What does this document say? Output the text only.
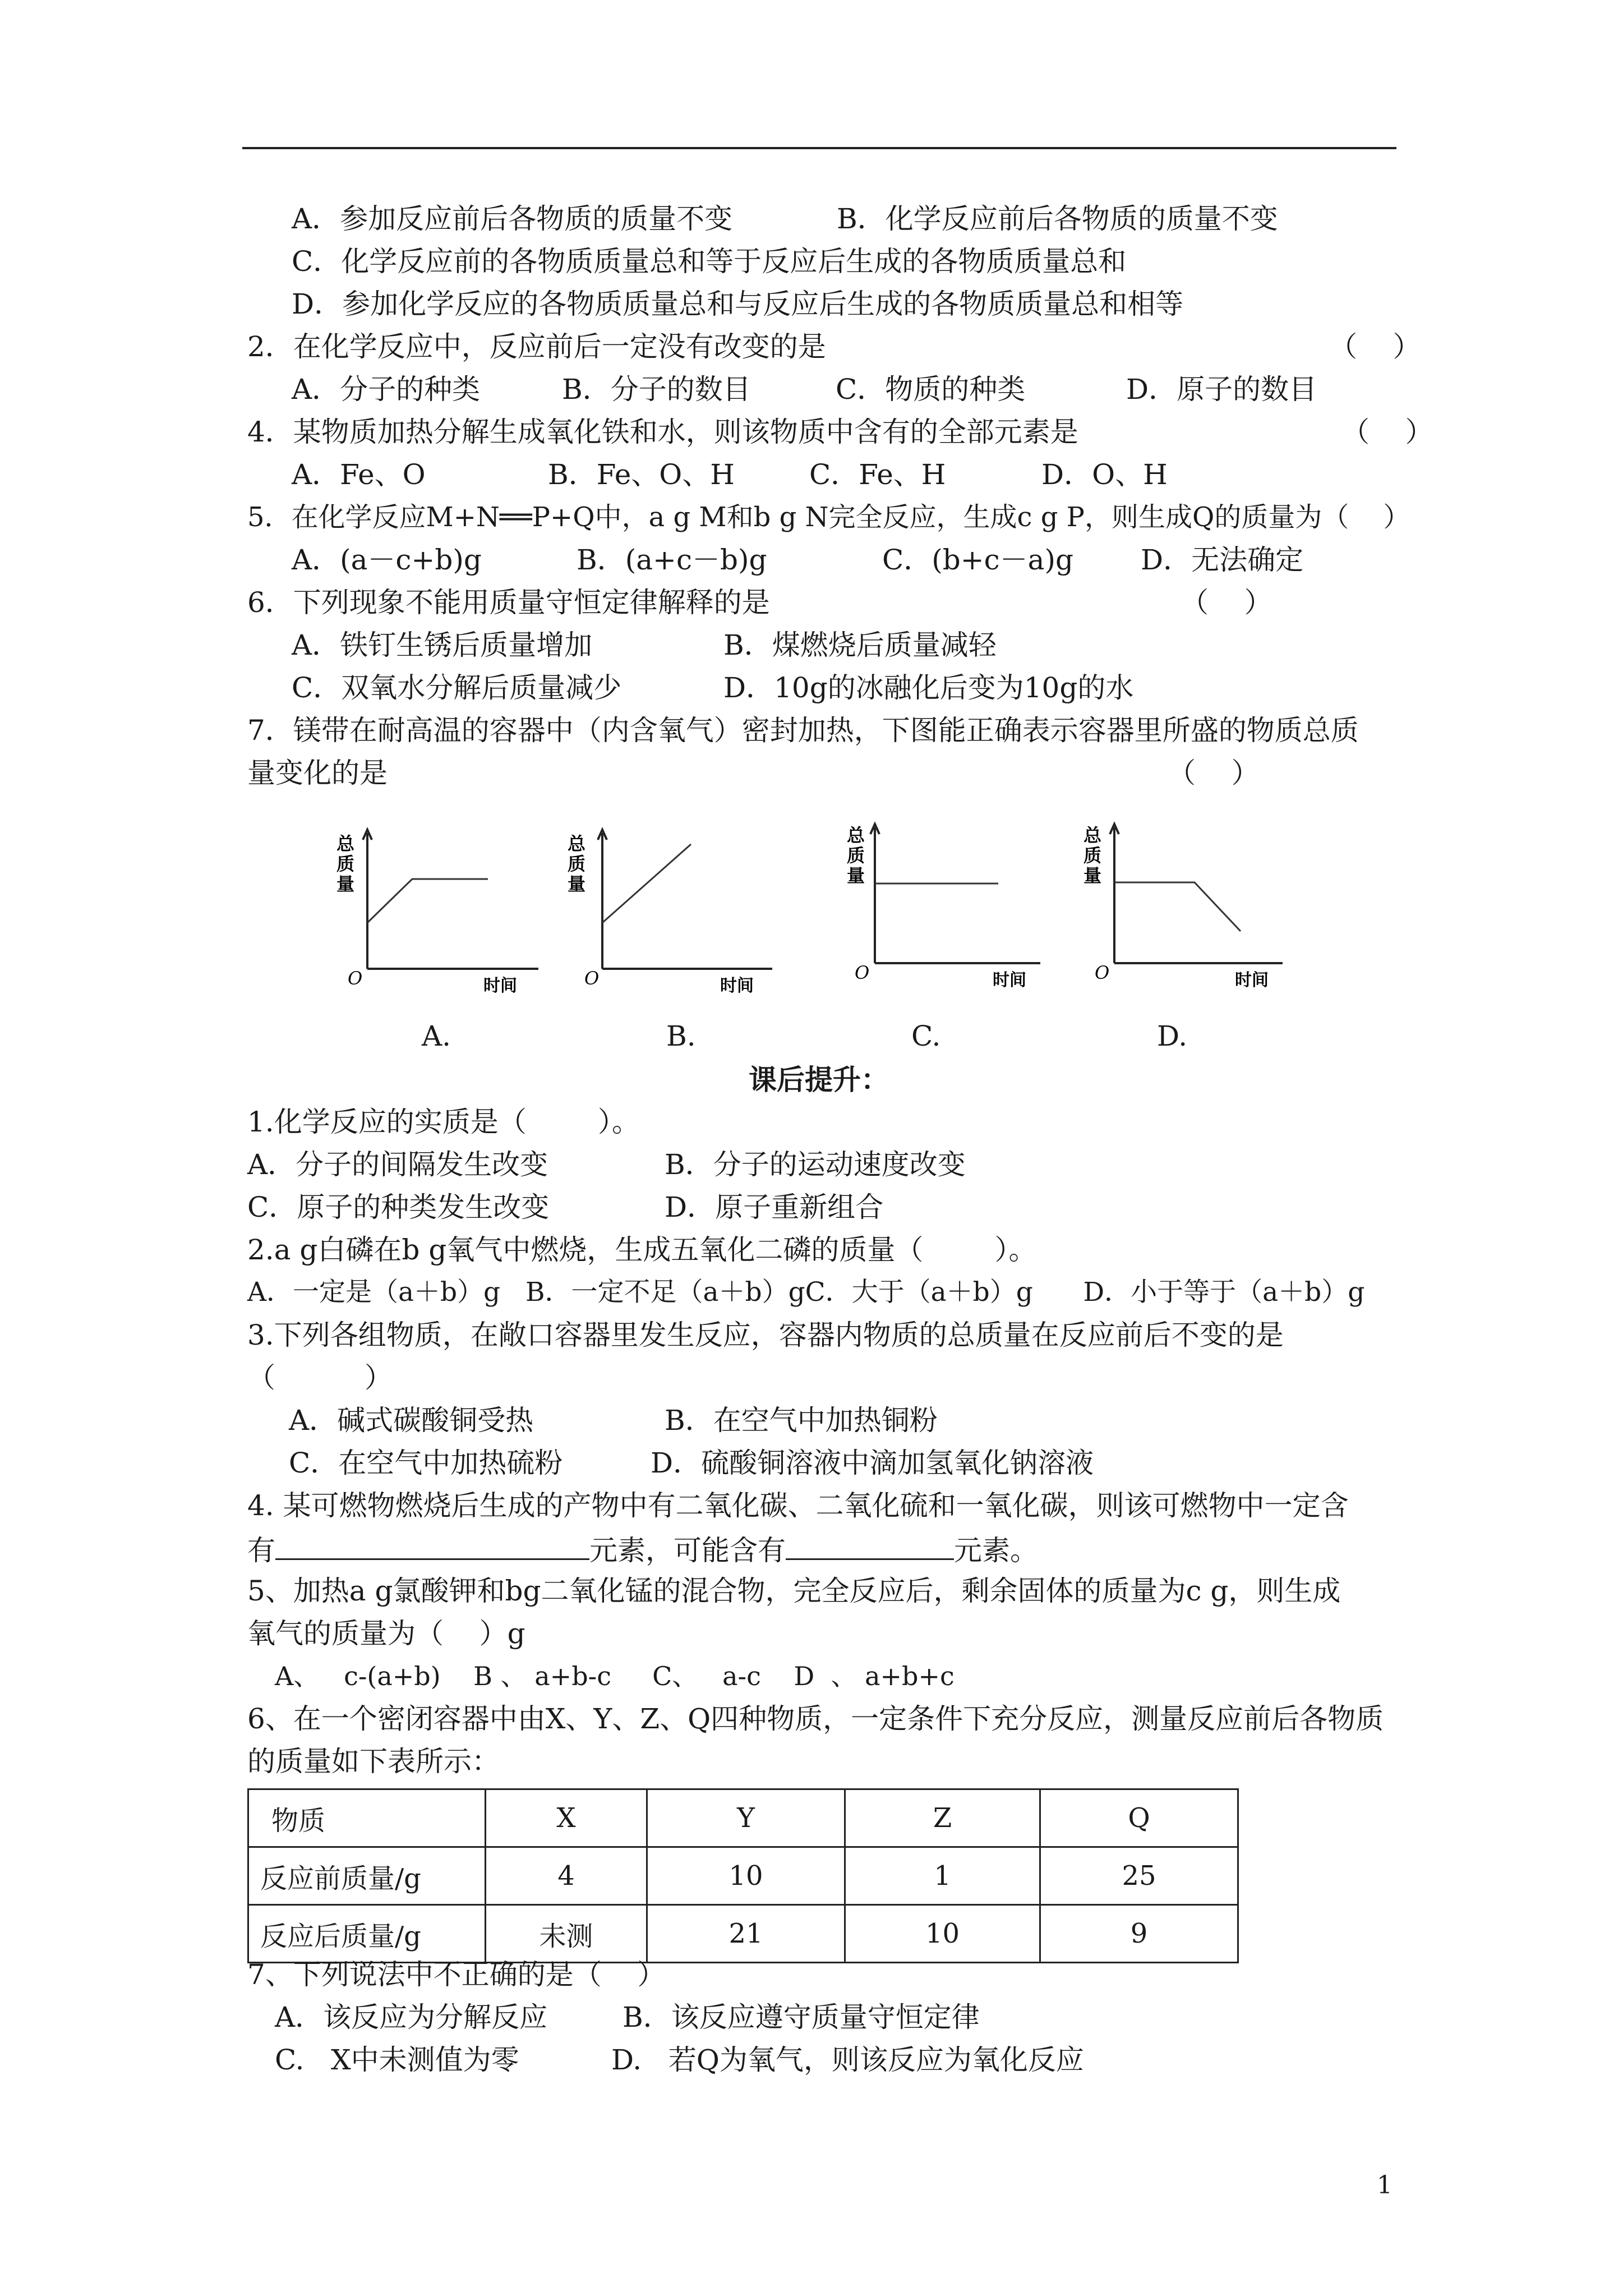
A．参加反应前后各物质的质量不变	B．化学反应前后各物质的质量不变
C．化学反应前的各物质质量总和等于反应后生成的各物质质量总和
D．参加化学反应的各物质质量总和与反应后生成的各物质质量总和相等
2．在化学反应中，反应前后一定没有改变的是	（    ）
A．分子的种类	B．分子的数目	C．物质的种类	D．原子的数目
4．某物质加热分解生成氧化铁和水，则该物质中含有的全部元素是	（    ）
A．Fe、O	B．Fe、O、H	C．Fe、H	D．O、H
5．在化学反应M+N══P+Q中，a g M和b g N完全反应，生成c g P，则生成Q的质量为（    ）
A．(a－c+b)g	B．(a+c－b)g	C．(b+c－a)g D．无法确定
6．下列现象不能用质量守恒定律解释的是	（    ）
A．铁钉生锈后质量增加	B．煤燃烧后质量减轻
C．双氧水分解后质量减少	D．10g的冰融化后变为10g的水
7．镁带在耐高温的容器中（内含氧气）密封加热，下图能正确表示容器里所盛的物质总质
量变化的是	（    ）
总
质
量
O	时间
总
质
量
O	时间
总
质
量
O	时间
总
质
量
O	时间
A.	B.	C.	D.
课后提升：
1.化学反应的实质是（        ）。
A．分子的间隔发生改变	B．分子的运动速度改变
C．原子的种类发生改变	D．原子重新组合
2.a g白磷在b g氧气中燃烧，生成五氧化二磷的质量（        ）。
A．一定是（a＋b）g   B．一定不足（a＋b）gC．大于（a＋b）g      D．小于等于（a＋b）g
3.下列各组物质，在敞口容器里发生反应，容器内物质的总质量在反应前后不变的是
（          ）
A．碱式碳酸铜受热	B．在空气中加热铜粉
C．在空气中加热硫粉	D．硫酸铜溶液中滴加氢氧化钠溶液
4. 某可燃物燃烧后生成的产物中有二氧化碳、二氧化硫和一氧化碳，则该可燃物中一定含
有	元素，可能含有	元素。
5、加热a g氯酸钾和bg二氧化锰的混合物，完全反应后，剩余固体的质量为c g，则生成
氧气的质量为（    ）g
A、   c-(a+b)    B 、 a+b-c     C、   a-c    D  、 a+b+c
6、在一个密闭容器中由X、Y、Z、Q四种物质，一定条件下充分反应，测量反应前后各物质
的质量如下表所示：
物质	X	Y	Z	Q
反应前质量/g	4	10	1	25
反应后质量/g	未测	21	10	9
7、下列说法中不正确的是（    ）
A．该反应为分解反应	B．该反应遵守质量守恒定律
C.   X中未测值为零	D.   若Q为氧气，则该反应为氧化反应
1
